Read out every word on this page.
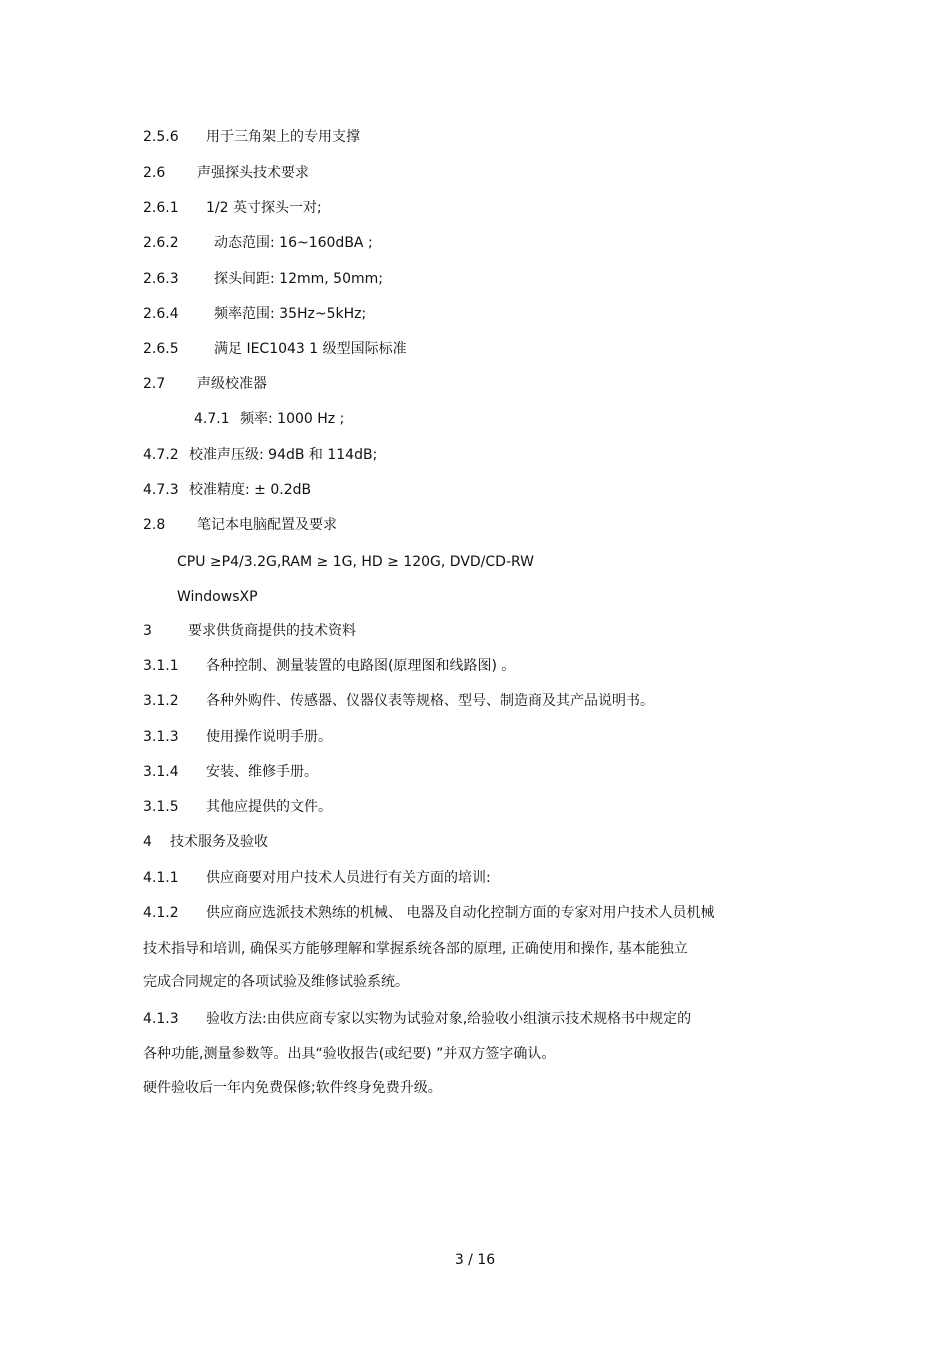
2.5.6 用于三角架上的专用支撑
2.6 声强探头技术要求
2.6.1 1/2 英寸探头一对;
2.6.2	动态范围: 16~160dBA ;
2.6.3	探头间距: 12mm, 50mm;
2.6.4	频率范围: 35Hz~5kHz;
2.6.5	满足 IEC1043 1 级型国际标准
2.7 声级校准器
4.7.1 频率: 1000 Hz ;
4.7.2 校准声压级: 94dB 和 114dB;
4.7.3 校准精度: ± 0.2dB
2.8 笔记本电脑配置及要求
CPU ≥P4/3.2G,RAM ≥ 1G, HD ≥ 120G, DVD/CD-RW
WindowsXP
3	要求供货商提供的技术资料
3.1.1 各种控制、测量装置的电路图(原理图和线路图) 。
3.1.2 各种外购件、传感器、仪器仪表等规格、型号、制造商及其产品说明书。
3.1.3 使用操作说明手册。
3.1.4 安装、维修手册。
3.1.5 其他应提供的文件。
4 技术服务及验收
4.1.1 供应商要对用户技术人员进行有关方面的培训:
4.1.2 供应商应选派技术熟练的机械、 电器及自动化控制方面的专家对用户技术人员机械
技术指导和培训, 确保买方能够理解和掌握系统各部的原理, 正确使用和操作, 基本能独立
完成合同规定的各项试验及维修试验系统。
4.1.3 验收方法:由供应商专家以实物为试验对象,给验收小组演示技术规格书中规定的
各种功能,测量参数等。出具“验收报告(或纪要) ”并双方签字确认。
硬件验收后一年内免费保修;软件终身免费升级。
3 / 16
